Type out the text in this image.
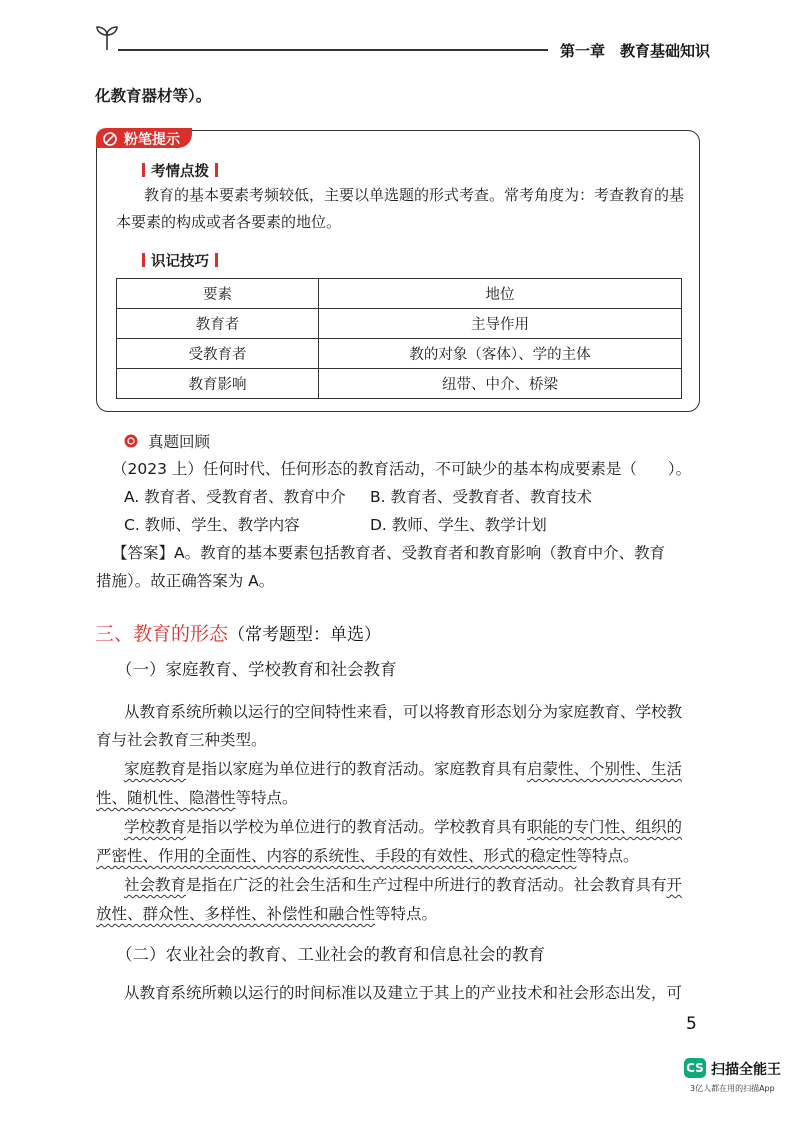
第一章　教育基础知识
化教育器材等）。
粉笔提示
考情点拨
教育的基本要素考频较低，主要以单选题的形式考查。常考角度为：考查教育的基
本要素的构成或者各要素的地位。
识记技巧
要素	地位
教育者	主导作用
受教育者	教的对象（客体）、学的主体
教育影响	纽带、中介、桥梁
真题回顾
（2023 上）任何时代、任何形态的教育活动，不可缺少的基本构成要素是（　　）。
A. 教育者、受教育者、教育中介 B. 教育者、受教育者、教育技术
C. 教师、学生、教学内容	D. 教师、学生、教学计划
【答案】A。教育的基本要素包括教育者、受教育者和教育影响（教育中介、教育
措施）。故正确答案为 A。
三、教育的形态（常考题型：单选）
（一）家庭教育、学校教育和社会教育
从教育系统所赖以运行的空间特性来看，可以将教育形态划分为家庭教育、学校教
育与社会教育三种类型。
家庭教育是指以家庭为单位进行的教育活动。家庭教育具有启蒙性、个别性、生活
性、随机性、隐潜性等特点。
学校教育是指以学校为单位进行的教育活动。学校教育具有职能的专门性、组织的
严密性、作用的全面性、内容的系统性、手段的有效性、形式的稳定性等特点。
社会教育是指在广泛的社会生活和生产过程中所进行的教育活动。社会教育具有开
放性、群众性、多样性、补偿性和融合性等特点。
（二）农业社会的教育、工业社会的教育和信息社会的教育
从教育系统所赖以运行的时间标准以及建立于其上的产业技术和社会形态出发，可
5
CS 扫描全能王
3亿人都在用的扫描App
